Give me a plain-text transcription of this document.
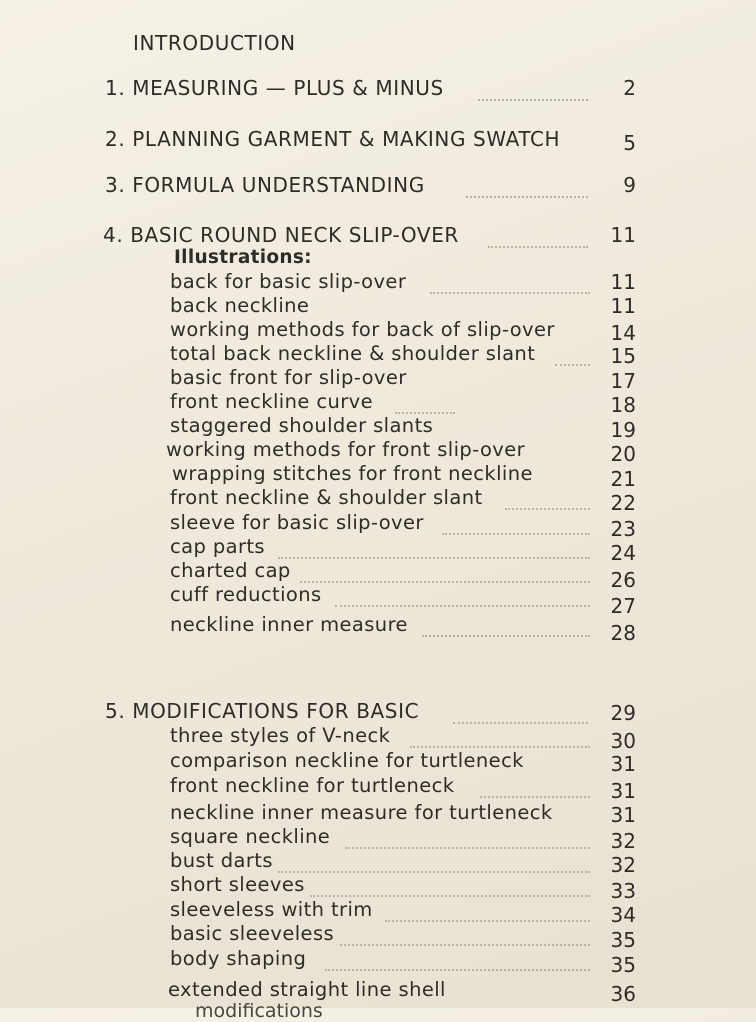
INTRODUCTION
1. MEASURING — PLUS & MINUS	2
2. PLANNING GARMENT & MAKING SWATCH	5
3. FORMULA UNDERSTANDING	9
4. BASIC ROUND NECK SLIP-OVER	11
Illustrations:
back for basic slip-over	11
back neckline	11
working methods for back of slip-over	14
total back neckline & shoulder slant	15
basic front for slip-over	17
front neckline curve	18
staggered shoulder slants	19
working methods for front slip-over	20
wrapping stitches for front neckline	21
front neckline & shoulder slant	22
sleeve for basic slip-over	23
cap parts	24
charted cap	26
cuff reductions	27
neckline inner measure	28
5. MODIFICATIONS FOR BASIC	29
three styles of V-neck	30
comparison neckline for turtleneck	31
front neckline for turtleneck	31
neckline inner measure for turtleneck	31
square neckline	32
bust darts	32
short sleeves	33
sleeveless with trim	34
basic sleeveless	35
body shaping	35
extended straight line shell	36
modifications
